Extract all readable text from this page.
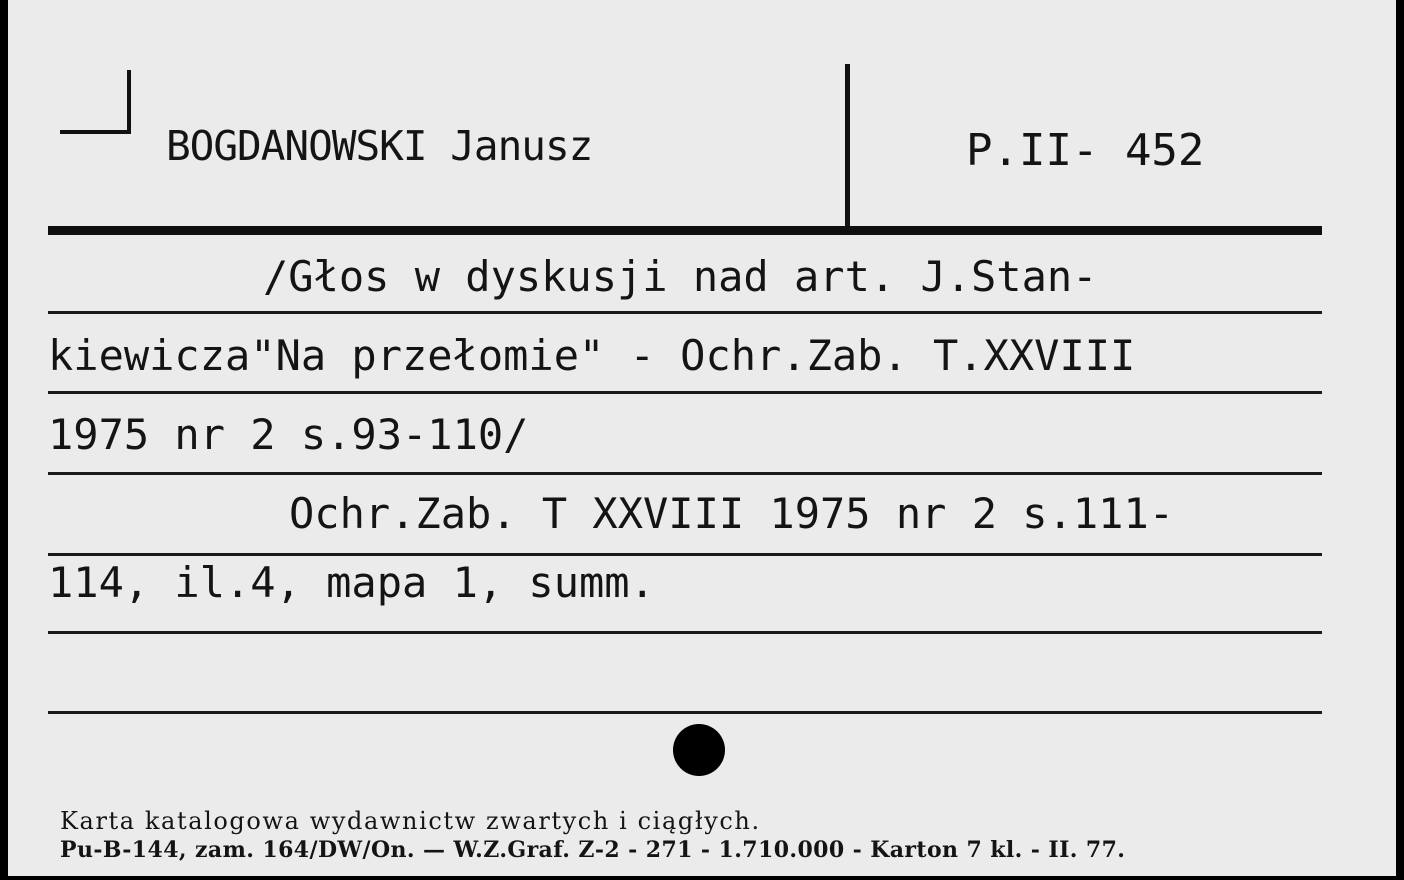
BOGDANOWSKI Janusz	P.II- 452
/Głos w dyskusji nad art. J.Stan-
kiewicza"Na przełomie" - Ochr.Zab. T.XXVIII
1975 nr 2 s.93-110/
Ochr.Zab. T XXVIII 1975 nr 2 s.111-
114, il.4, mapa 1, summ.
Karta katalogowa wydawnictw zwartych i ciągłych.
Pu-B-144, zam. 164/DW/On. — W.Z.Graf. Z-2 - 271 - 1.710.000 - Karton 7 kl. - II. 77.
